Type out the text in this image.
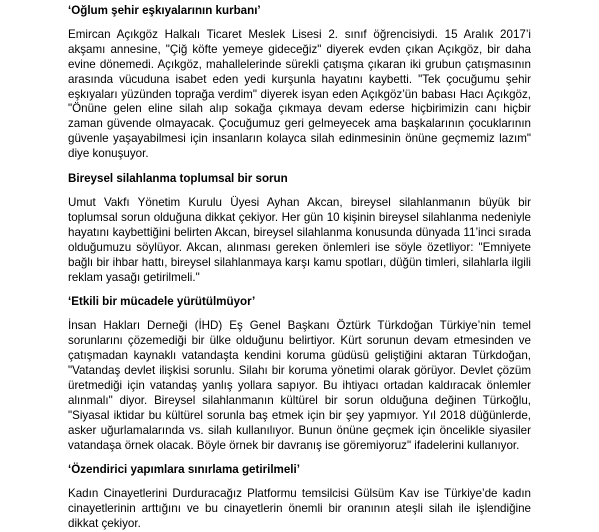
‘Oğlum şehir eşkıyalarının kurbanı’

Emircan Açıkgöz Halkalı Ticaret Meslek Lisesi 2. sınıf öğrencisiydi. 15 Aralık 2017’i akşamı annesine, "Çiğ köfte yemeye gideceğiz" diyerek evden çıkan Açıkgöz, bir daha evine dönemedi. Açıkgöz, mahallelerinde sürekli çatışma çıkaran iki grubun çatışmasının arasında vücuduna isabet eden yedi kurşunla hayatını kaybetti. "Tek çocuğumu şehir eşkıyaları yüzünden toprağa verdim" diyerek isyan eden Açıkgöz’ün babası Hacı Açıkgöz, "Önüne gelen eline silah alıp sokağa çıkmaya devam ederse hiçbirimizin canı hiçbir zaman güvende olmayacak. Çocuğumuz geri gelmeyecek ama başkalarının çocuklarının güvenle yaşayabilmesi için insanların kolayca silah edinmesinin önüne geçmemiz lazım" diye konuşuyor.

Bireysel silahlanma toplumsal bir sorun

Umut Vakfı Yönetim Kurulu Üyesi Ayhan Akcan, bireysel silahlanmanın büyük bir toplumsal sorun olduğuna dikkat çekiyor. Her gün 10 kişinin bireysel silahlanma nedeniyle hayatını kaybettiğini belirten Akcan, bireysel silahlanma konusunda dünyada 11’inci sırada olduğumuzu söylüyor. Akcan, alınması gereken önlemleri ise söyle özetliyor: "Emniyete bağlı bir ihbar hattı, bireysel silahlanmaya karşı kamu spotları, düğün timleri, silahlarla ilgili reklam yasağı getirilmeli."

‘Etkili bir mücadele yürütülmüyor’

İnsan Hakları Derneği (İHD) Eş Genel Başkanı Öztürk Türkdoğan Türkiye’nin temel sorunlarını çözemediği bir ülke olduğunu belirtiyor. Kürt sorunun devam etmesinden ve çatışmadan kaynaklı vatandaşta kendini koruma güdüsü geliştiğini aktaran Türkdoğan, "Vatandaş devlet ilişkisi sorunlu. Silahı bir koruma yönetimi olarak görüyor. Devlet çözüm üretmediği için vatandaş yanlış yollara sapıyor. Bu ihtiyacı ortadan kaldıracak önlemler alınmalı" diyor. Bireysel silahlanmanın kültürel bir sorun olduğuna değinen Türkoğlu, "Siyasal iktidar bu kültürel sorunla baş etmek için bir şey yapmıyor. Yıl 2018 düğünlerde, asker uğurlamalarında vs. silah kullanılıyor. Bunun önüne geçmek için öncelikle siyasiler vatandaşa örnek olacak. Böyle örnek bir davranış ise göremiyoruz" ifadelerini kullanıyor.

‘Özendirici yapımlara sınırlama getirilmeli’

Kadın Cinayetlerini Durduracağız Platformu temsilcisi Gülsüm Kav ise Türkiye’de kadın cinayetlerinin arttığını ve bu cinayetlerin önemli bir oranının ateşli silah ile işlendiğine dikkat çekiyor.
